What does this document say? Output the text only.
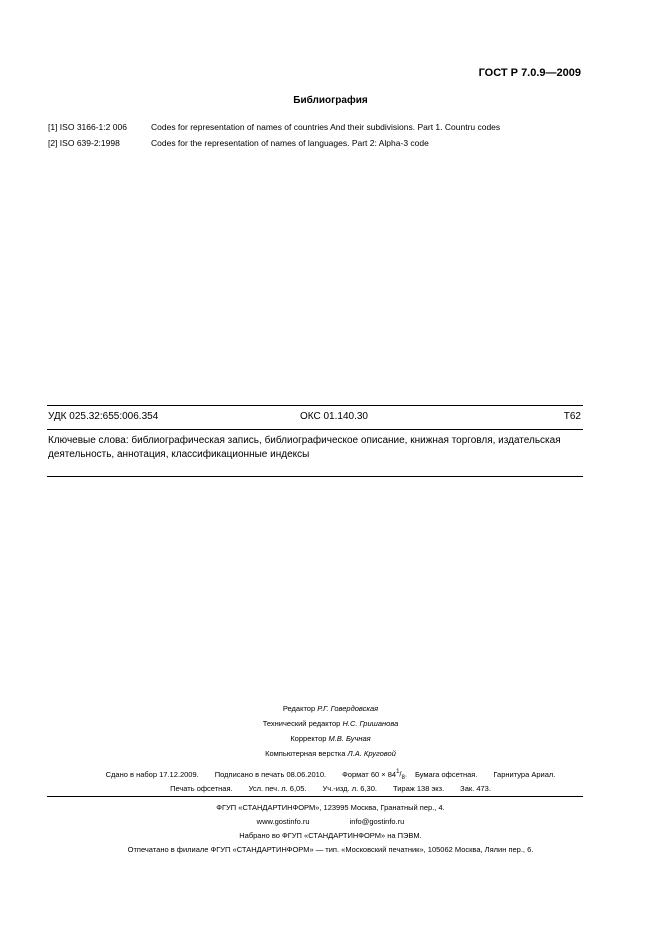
ГОСТ Р 7.0.9—2009
Библиография
[1] ISO 3166-1:2 006	Codes for representation of names of countries And their subdivisions. Part 1. Countru codes
[2] ISO 639-2:1998	Codes for the representation of names of languages. Part 2: Alpha-3 code
УДК 025.32:655:006.354	ОКС 01.140.30	Т62
Ключевые слова: библиографическая запись, библиографическое описание, книжная торговля, издательская деятельность, аннотация, классификационные индексы
Редактор Р.Г. Говердовская
Технический редактор Н.С. Гришанова
Корректор М.В. Бучная
Компьютерная верстка Л.А. Круговой
Сдано в набор 17.12.2009. Подписано в печать 08.06.2010. Формат $60 \times 84^1/_8$. Бумага офсетная. Гарнитура Ариал.
Печать офсетная. Усл. печ. л. 6,05. Уч.-изд. л. 6,30. Тираж 138 экз. Зак. 473.
ФГУП «СТАНДАРТИНФОРМ», 123995 Москва, Гранатный пер., 4.
www.gostinfo.ru	info@gostinfo.ru
Набрано во ФГУП «СТАНДАРТИНФОРМ» на ПЭВМ.
Отпечатано в филиале ФГУП «СТАНДАРТИНФОРМ» — тип. «Московский печатник», 105062 Москва, Лялин пер., 6.
